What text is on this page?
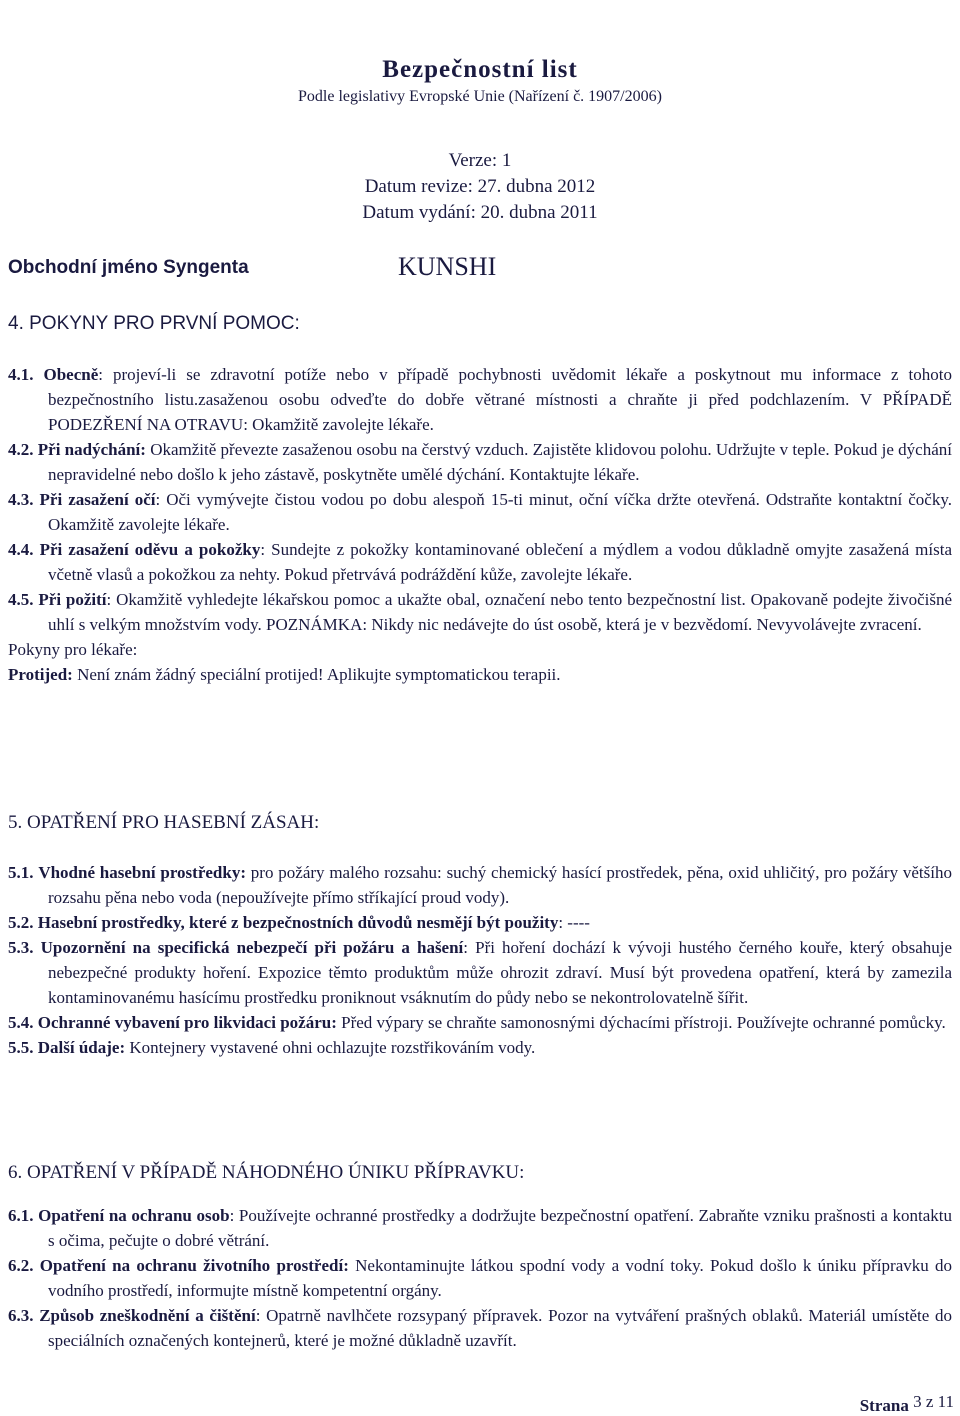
Bezpečnostní list
Podle legislativy Evropské Unie (Nařízení č. 1907/2006)
Verze: 1
Datum revize: 27. dubna 2012
Datum vydání: 20. dubna 2011
Obchodní jméno Syngenta	KUNSHI
4. POKYNY PRO PRVNÍ POMOC:

4.1. Obecně: projeví-li se zdravotní potíže nebo v případě pochybnosti uvědomit lékaře a poskytnout mu informace z tohoto bezpečnostního listu.zasaženou osobu odveďte do dobře větrané místnosti a chraňte ji před podchlazením. V PŘÍPADĚ PODEZŘENÍ NA OTRAVU: Okamžitě zavolejte lékaře.

4.2. Při nadýchání: Okamžitě převezte zasaženou osobu na čerstvý vzduch. Zajistěte klidovou polohu. Udržujte v teple. Pokud je dýchání nepravidelné nebo došlo k jeho zástavě, poskytněte umělé dýchání. Kontaktujte lékaře.

4.3. Při zasažení očí: Oči vymývejte čistou vodou po dobu alespoň 15-ti minut, oční víčka držte otevřená. Odstraňte kontaktní čočky. Okamžitě zavolejte lékaře.

4.4. Při zasažení oděvu a pokožky: Sundejte z pokožky kontaminované oblečení a mýdlem a vodou důkladně omyjte zasažená místa včetně vlasů a pokožkou za nehty. Pokud přetrvává podráždění kůže, zavolejte lékaře.

4.5. Při požití: Okamžitě vyhledejte lékařskou pomoc a ukažte obal, označení nebo tento bezpečnostní list. Opakovaně podejte živočišné uhlí s velkým množstvím vody. POZNÁMKA: Nikdy nic nedávejte do úst osobě, která je v bezvědomí. Nevyvolávejte zvracení.

Pokyny pro lékaře:

Protijed: Není znám žádný speciální protijed! Aplikujte symptomatickou terapii.

5. OPATŘENÍ PRO HASEBNÍ ZÁSAH:

5.1. Vhodné hasební prostředky: pro požáry malého rozsahu: suchý chemický hasící prostředek, pěna, oxid uhličitý, pro požáry většího rozsahu pěna nebo voda (nepoužívejte přímo stříkající proud vody).

5.2. Hasební prostředky, které z bezpečnostních důvodů nesmějí být použity: ----

5.3. Upozornění na specifická nebezpečí při požáru a hašení: Při hoření dochází k vývoji hustého černého kouře, který obsahuje nebezpečné produkty hoření. Expozice těmto produktům může ohrozit zdraví. Musí být provedena opatření, která by zamezila kontaminovanému hasícímu prostředku proniknout vsáknutím do půdy nebo se nekontrolovatelně šířit.

5.4. Ochranné vybavení pro likvidaci požáru: Před výpary se chraňte samonosnými dýchacími přístroji. Používejte ochranné pomůcky.

5.5. Další údaje: Kontejnery vystavené ohni ochlazujte rozstřikováním vody.

6. OPATŘENÍ V PŘÍPADĚ NÁHODNÉHO ÚNIKU PŘÍPRAVKU:

6.1. Opatření na ochranu osob: Používejte ochranné prostředky a dodržujte bezpečnostní opatření. Zabraňte vzniku prašnosti a kontaktu s očima, pečujte o dobré větrání.

6.2. Opatření na ochranu životního prostředí: Nekontaminujte látkou spodní vody a vodní toky. Pokud došlo k úniku přípravku do vodního prostředí, informujte místně kompetentní orgány.

6.3. Způsob zneškodnění a čištění: Opatrně navlhčete rozsypaný přípravek. Pozor na vytváření prašných oblaků. Materiál umístěte do speciálních označených kontejnerů, které je možné důkladně uzavřít.

Strana 3 z 11
